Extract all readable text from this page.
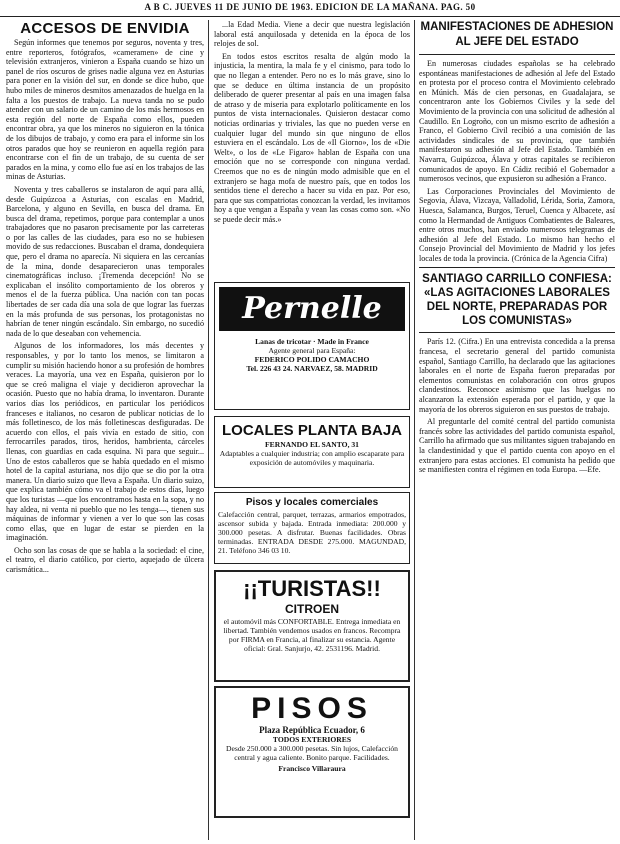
A B C. JUEVES 11 DE JUNIO DE 1963. EDICION DE LA MAÑANA. PAG. 50
ACCESOS DE ENVIDIA

Según informes que tenemos por seguros, noventa y tres, entre reporteros, fotógrafos, «cameramen» de cine y televisión extranjeros, vinieron a España cuando se hizo un panel de ríos oscuros de grises nadie alguna vez en Asturias para poner en la visión del sur, en donde se dice hubo, que hubo miles de mineros desmitos amenazados de huelga en la falta a los puestos de trabajo. La nueva tanda no se pudo atender con un salario de un camino de los más hermosos en esta región del norte de España como ellos, pueden encontrar obra, ya que los mineros no siguieron en la tónica de los dibujos de trabajo, y como era para el informe sin los otros parados que hoy se reunieron en aquella región para encontrarse con el fin de un trabajo, de su cuenta de ser parados en la mina, y como ello fue así en los trabajos de las minas de Asturias.

Noventa y tres caballeros se instalaron de aquí para allá, desde Guipúzcoa a Asturias, con escalas en Madrid, Barcelona, y alguno en Sevilla, en busca del drama. En busca del drama, repetimos, porque para contemplar a unos trabajadores que no pasaron precisamente por las carreteras o por las calles de las ciudades, para eso no se hubiesen movido de sus redacciones. Buscaban el drama, dondequiera que, pero el drama no aparecía. Ni siquiera en las cercanías de la mina, donde desaparecieron unas temporales cinematográficas incluso. ¡Tremenda decepción! No se explicaban el insólito comportamiento de los obreros y menos el de la fuerza pública. Una nación con tan pocas libertades de ser cada día una sola de que lograr las fuerzas en la más profunda de sus personas, los protagonistas no habrían de tener ningún escándalo. Sin embargo, no sucedió nada de lo que deseaban con vehemencia.

Algunos de los informadores, los más decentes y responsables, y por lo tanto los menos, se limitaron a cumplir su misión haciendo honor a su profesión de hombres veraces. La mayoría, una vez en España, quisieron por lo que se creó maligna el viaje y decidieron aprovechar la ocasión. Puesto que no había drama, lo inventaron. Durante varios días los periódicos, en particular los periódicos franceses e italianos, no cesaron de publicar noticias de lo más folletinesco, de los más folletinescas desfiguradas. De acuerdo con ellos, el país vivía en estado de sitio, con ferrocarriles parados, tiros, heridos, hambrienta, cárceles llenas, con guardias en cada esquina. Ni para que seguir... Uno de estos caballeros que se había quedado en el mismo hotel de la capital asturiana, nos dijo que se dio por la otra manera. Un diario suizo que lleva a España. Un diario suizo, que explica también cómo va el trabajo de estos días, luego que los turistas —que los encontramos hasta en la sopa, y no hay aldea, ni venta ni pueblo que no les tenga—, tienen sus máquinas de informar y vienen a ver lo que son las cosas como ellas, que en lugar de estar se pierden en la imaginación.

Ocho son las cosas de que se habla a la sociedad: el cine, el teatro, el diario católico, por cierto, aquejado de úlcera carismática...

...la Edad Media. Viene a decir que nuestra legislación laboral está anquilosada y detenida en la época de los relojes de sol.

En todos estos escritos resalta de algún modo la injusticia, la mentira, la mala fe y el cinismo, para todo lo que no llegan a entender. Pero no es lo más grave, sino lo que se deduce en última instancia de un propósito deliberado de querer presentar al país en una imagen falsa de atraso y de miseria para explotarlo políticamente en los puntos de vista internacionales. Quisieron destacar como noticias ordinarias y triviales, las que no pueden verse en cualquier lugar del mundo sin que ninguno de ellos estuviera en el escándalo. Los de «Il Giorno», los de «Die Welt», o los de «Le Figaro» hablan de España con una emoción que no se corresponde con ninguna verdad. Creemos que no es de ningún modo admisible que en el extranjero se haga mofa de nuestro país, que en todos los sentidos tiene el derecho a hacer su vida en paz. Por eso, para que sus compatriotas conozcan la verdad, les invitamos hoy a que vengan a España y vean las cosas como son. «No se puede decir más.»

Pernelle

Lanas de tricotar · Made in France

Agente general para España:

FEDERICO POLIDO CAMACHO

Tel. 226 43 24. NARVAEZ, 58. MADRID

LOCALES PLANTA BAJA

FERNANDO EL SANTO, 31

Adaptables a cualquier industria; con amplio escaparate para exposición de automóviles y maquinaria.

Pisos y locales comerciales

Calefacción central, parquet, terrazas, armarios empotrados, ascensor subida y bajada. Entrada inmediata: 200.000 y 300.000 pesetas. A disfrutar. Buenas facilidades. Obras terminadas. ENTRADA DESDE 275.000. MAGUNDAD, 21. Teléfono 346 03 10.

¡¡TURISTAS!!
CITROEN

el automóvil más CONFORTABLE. Entrega inmediata en libertad. También vendemos usados en francos. Recompra por FIRMA en Francia, al finalizar su estancia. Agente oficial: Gral. Sanjurjo, 42. 2531196. Madrid.

PISOS

Plaza República Ecuador, 6

TODOS EXTERIORES

Desde 250.000 a 300.000 pesetas. Sin lujos, Calefacción central y agua caliente. Bonito parque. Facilidades.

Francisco Villaraura

MANIFESTACIONES DE ADHESION AL JEFE DEL ESTADO

En numerosas ciudades españolas se ha celebrado espontáneas manifestaciones de adhesión al Jefe del Estado en protesta por el proceso contra el Movimiento celebrado en Múnich. Más de cien personas, en Guadalajara, se concentraron ante los Gobiernos Civiles y la sede del Movimiento de la provincia con una solicitud de adhesión al Caudillo. En Logroño, con un mismo escrito de adhesión a Franco, el Gobierno Civil recibió a una comisión de las actividades sindicales de su provincia, que también manifestaron su adhesión al Jefe del Estado. También en Navarra, Guipúzcoa, Álava y otras capitales se recibieron comunicados de apoyo. En Cádiz recibió el Gobernador a numerosos vecinos, que expusieron su adhesión a Franco.

Las Corporaciones Provinciales del Movimiento de Segovia, Álava, Vizcaya, Valladolid, Lérida, Soria, Zamora, Huesca, Salamanca, Burgos, Teruel, Cuenca y Albacete, así como la Hermandad de Antiguos Combatientes de Baleares, entre otros muchos, han enviado numerosos telegramas de adhesión al Jefe del Estado. Lo mismo han hecho el Consejo Provincial del Movimiento de Madrid y los jefes locales de toda la provincia. (Crónica de la Agencia Cifra)

SANTIAGO CARRILLO CONFIESA: «LAS AGITACIONES LABORALES DEL NORTE, PREPARADAS POR LOS COMUNISTAS»

París 12. (Cifra.) En una entrevista concedida a la prensa francesa, el secretario general del partido comunista español, Santiago Carrillo, ha declarado que las agitaciones laborales en el norte de España fueron preparadas por elementos comunistas en colaboración con otros grupos clandestinos. Reconoce asimismo que las huelgas no alcanzaron la extensión esperada por el partido, y que la mayoría de los obreros siguieron en sus puestos de trabajo.

Al preguntarle del comité central del partido comunista francés sobre las actividades del partido comunista español, Carrillo ha afirmado que sus militantes siguen trabajando en la clandestinidad y que el partido cuenta con apoyo en el extranjero para estas acciones. El comunista ha pedido que se manifiesten contra el régimen en toda Europa. —Efe.
